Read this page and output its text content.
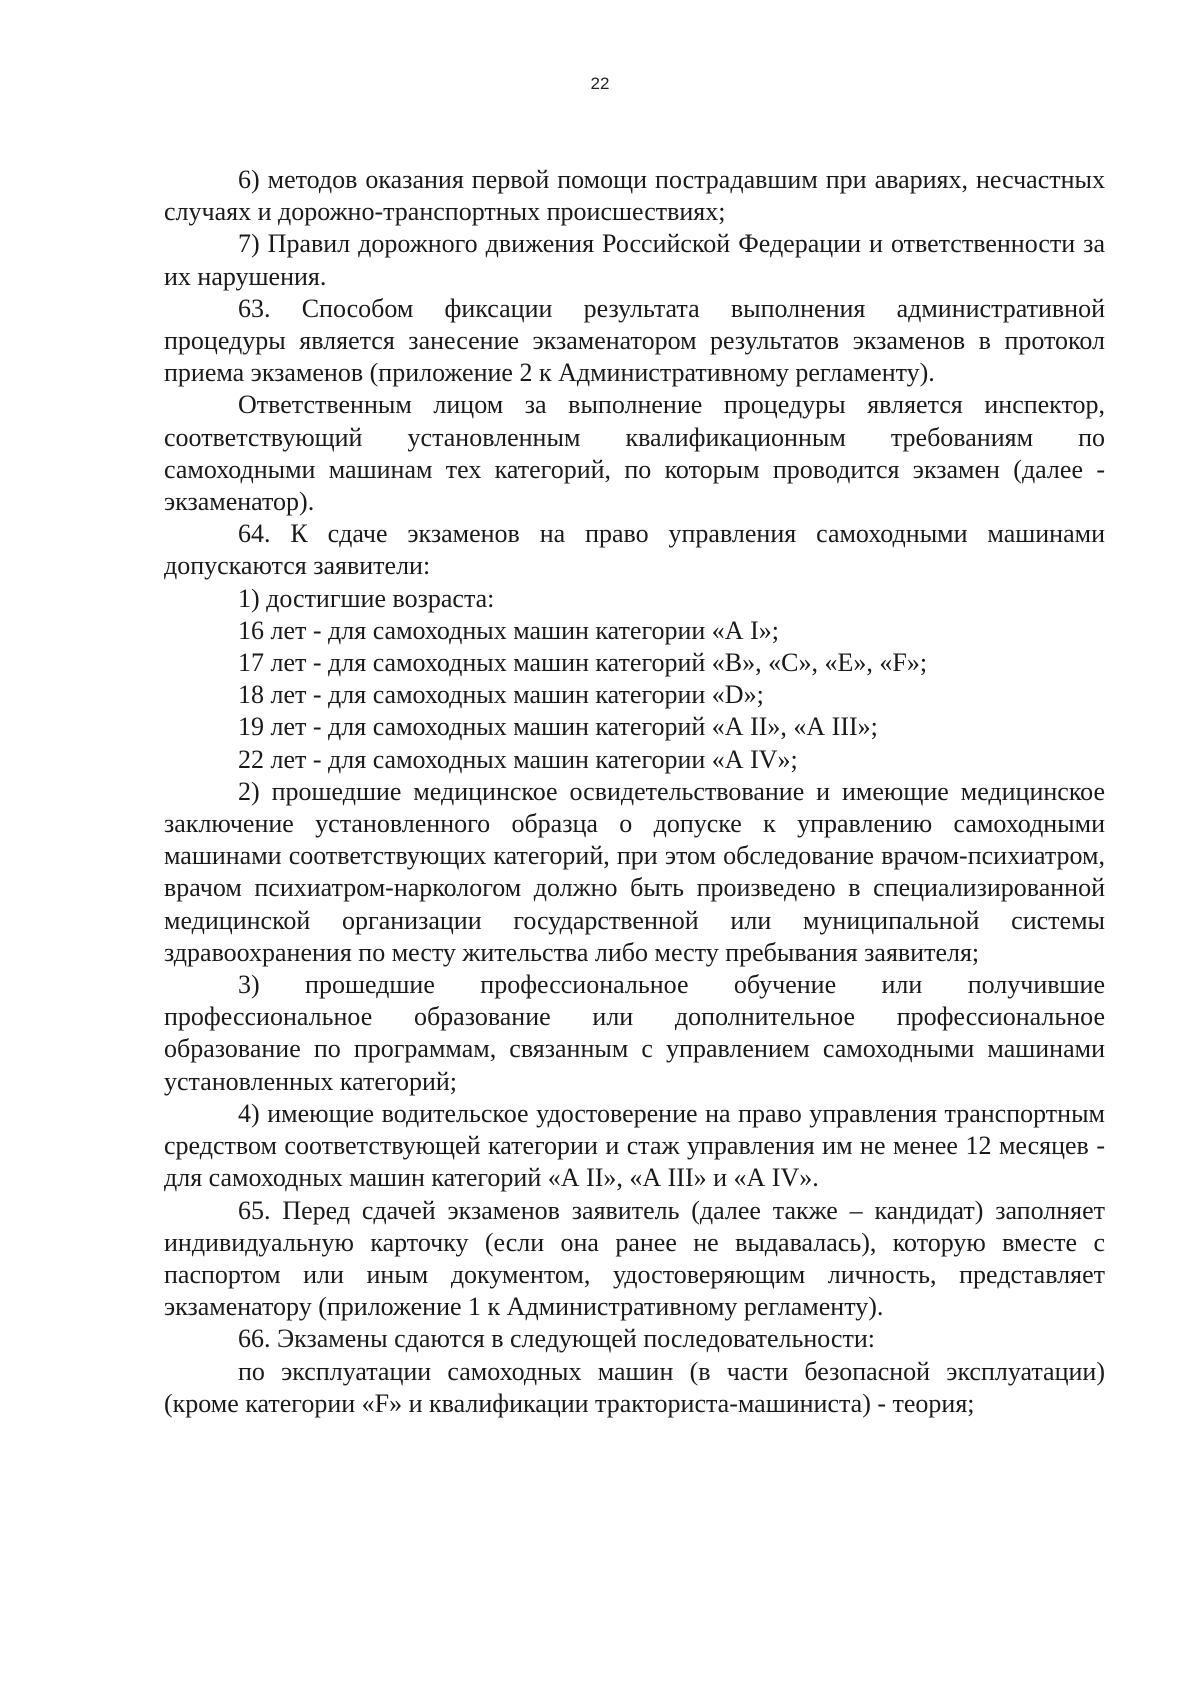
22

6) методов оказания первой помощи пострадавшим при авариях, несчастных случаях и дорожно-транспортных происшествиях;

7) Правил дорожного движения Российской Федерации и ответственности за их нарушения.

63. Способом фиксации результата выполнения административной процедуры является занесение экзаменатором результатов экзаменов в протокол приема экзаменов (приложение 2 к Административному регламенту).

Ответственным лицом за выполнение процедуры является инспектор, соответствующий установленным квалификационным требованиям по самоходными машинам тех категорий, по которым проводится экзамен (далее - экзаменатор).

64. К сдаче экзаменов на право управления самоходными машинами допускаются заявители:

1) достигшие возраста:

16 лет - для самоходных машин категории «А I»;

17 лет - для самоходных машин категорий «B», «C», «E», «F»;

18 лет - для самоходных машин категории «D»;

19 лет - для самоходных машин категорий «А II», «А III»;

22 лет - для самоходных машин категории «А IV»;

2) прошедшие медицинское освидетельствование и имеющие медицинское заключение установленного образца о допуске к управлению самоходными машинами соответствующих категорий, при этом обследование врачом-психиатром, врачом психиатром-наркологом должно быть произведено в специализированной медицинской организации государственной или муниципальной системы здравоохранения по месту жительства либо месту пребывания заявителя;

3) прошедшие профессиональное обучение или получившие профессиональное образование или дополнительное профессиональное образование по программам, связанным с управлением самоходными машинами установленных категорий;

4) имеющие водительское удостоверение на право управления транспортным средством соответствующей категории и стаж управления им не менее 12 месяцев - для самоходных машин категорий «А II», «А III» и «А IV».

65. Перед сдачей экзаменов заявитель (далее также – кандидат) заполняет индивидуальную карточку (если она ранее не выдавалась), которую вместе с паспортом или иным документом, удостоверяющим личность, представляет экзаменатору (приложение 1 к Административному регламенту).

66. Экзамены сдаются в следующей последовательности:

по эксплуатации самоходных машин (в части безопасной эксплуатации) (кроме категории «F» и квалификации тракториста-машиниста) - теория;
